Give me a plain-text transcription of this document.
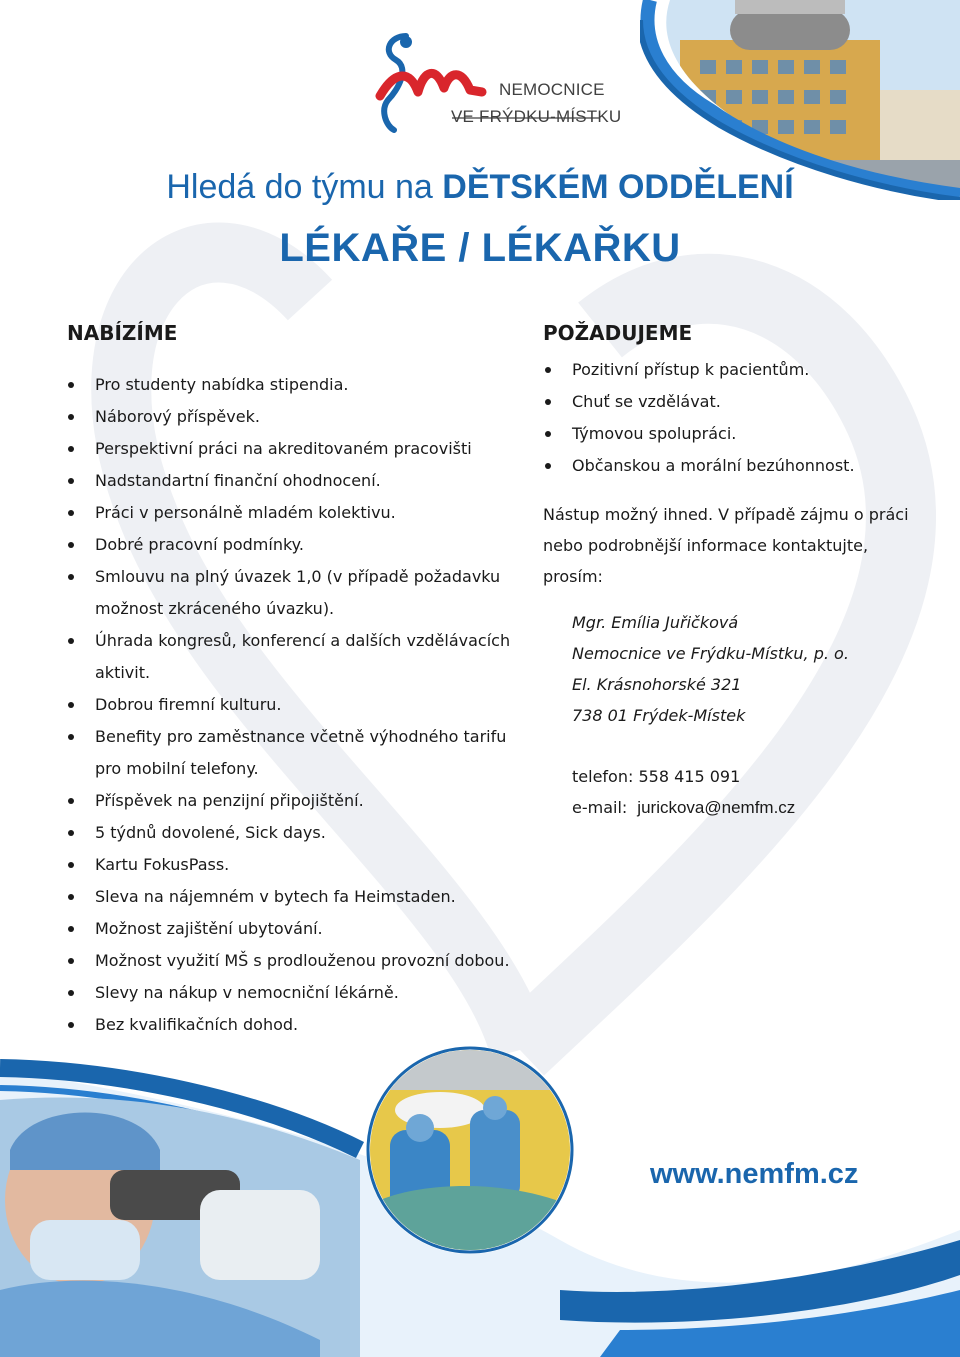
NEMOCNICE
VE FRÝDKU-MÍSTKU
Hledá do týmu na DĚTSKÉM ODDĚLENÍ
LÉKAŘE / LÉKAŘKU
NABÍZÍME
Pro studenty nabídka stipendia.
Náborový příspěvek.
Perspektivní práci na akreditovaném pracovišti
Nadstandartní finanční ohodnocení.
Práci v personálně mladém kolektivu.
Dobré pracovní podmínky.
Smlouvu na plný úvazek 1,0 (v případě požadavku možnost zkráceného úvazku).
Úhrada kongresů, konferencí a dalších vzdělávacích aktivit.
Dobrou firemní kulturu.
Benefity pro zaměstnance včetně výhodného tarifu pro mobilní telefony.
Příspěvek na penzijní připojištění.
5 týdnů dovolené, Sick days.
Kartu FokusPass.
Sleva na nájemném v bytech fa Heimstaden.
Možnost zajištění ubytování.
Možnost využití MŠ s prodlouženou provozní dobou.
Slevy na nákup v nemocniční lékárně.
Bez kvalifikačních dohod.
POŽADUJEME
Pozitivní přístup k pacientům.
Chuť se vzdělávat.
Týmovou spolupráci.
Občanskou a morální bezúhonnost.
Nástup možný ihned. V případě zájmu o práci nebo podrobnější informace kontaktujte, prosím:
Mgr. Emília Juřičková
Nemocnice ve Frýdku-Místku, p. o.
El. Krásnohorské 321
738 01 Frýdek-Místek
telefon: 558 415 091
e-mail: jurickova@nemfm.cz
www.nemfm.cz
